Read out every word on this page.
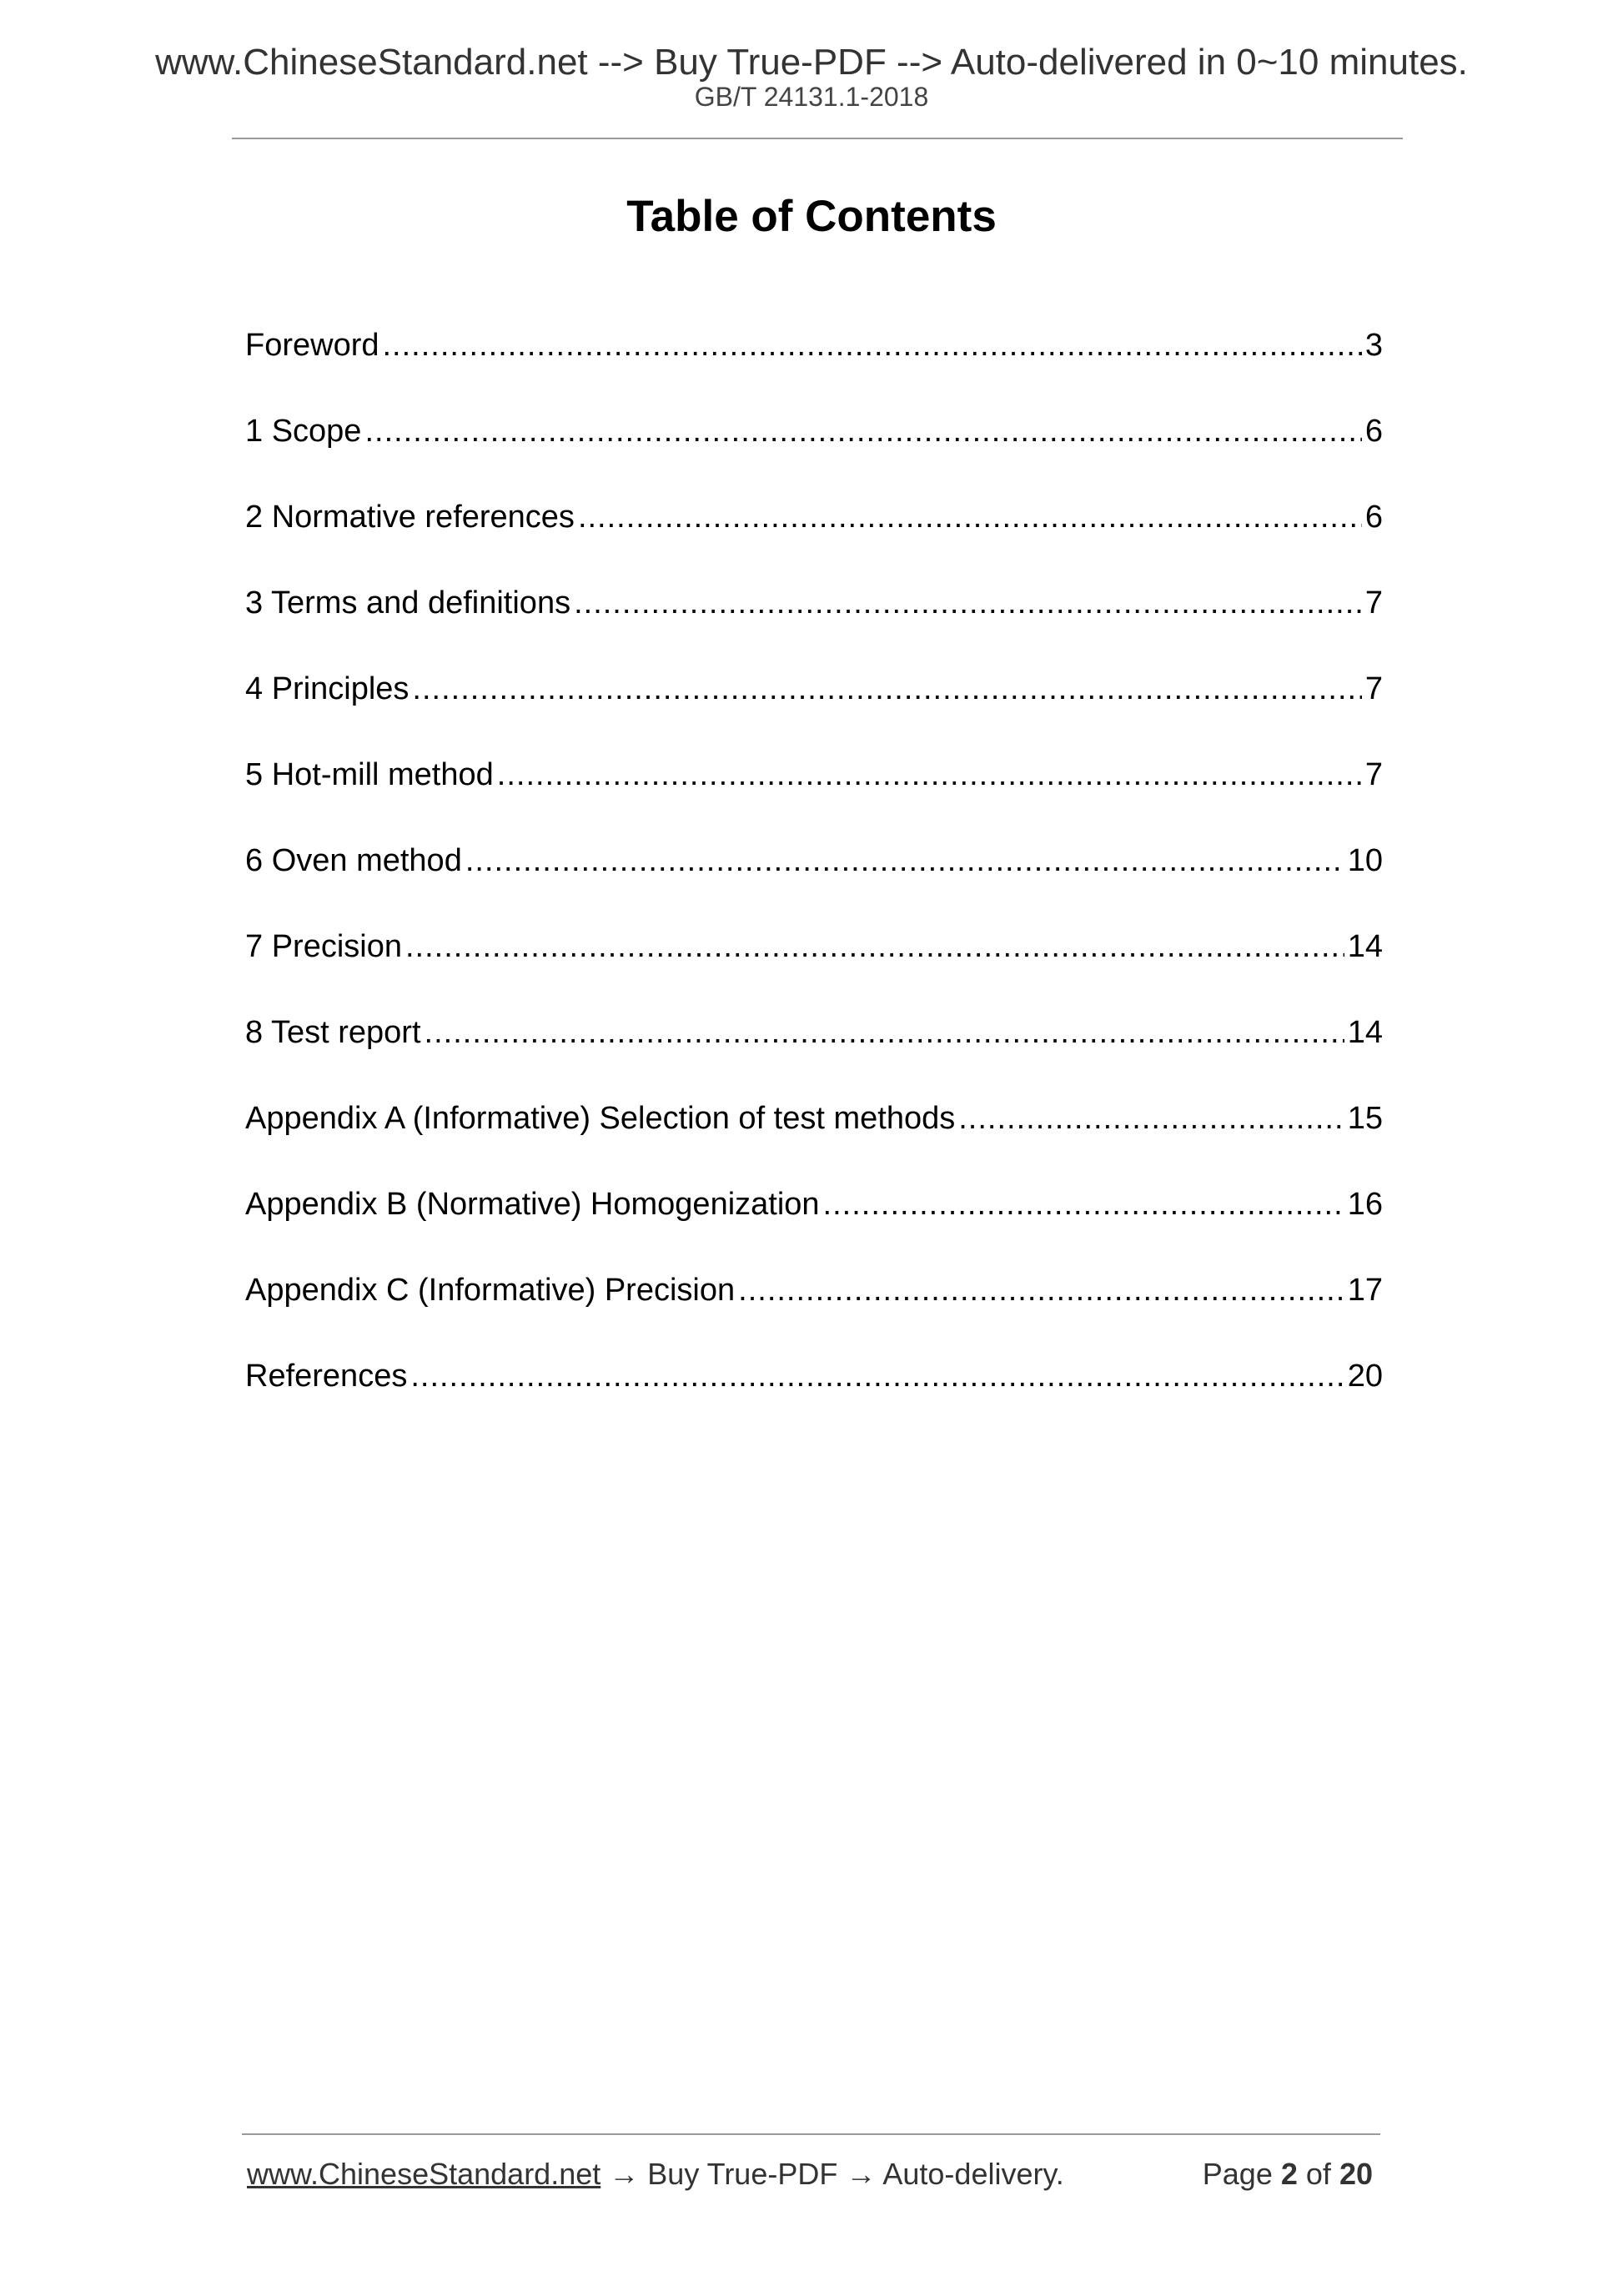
www.ChineseStandard.net --> Buy True-PDF --> Auto-delivered in 0~10 minutes.
GB/T 24131.1-2018
Table of Contents
Foreword .....	3
1 Scope .....	6
2 Normative references .....	6
3 Terms and definitions .....	7
4 Principles .....	7
5 Hot-mill method .....	7
6 Oven method .....	10
7 Precision .....	14
8 Test report .....	14
Appendix A (Informative) Selection of test methods .....	15
Appendix B (Normative) Homogenization .....	16
Appendix C (Informative) Precision .....	17
References .....	20
www.ChineseStandard.net → Buy True-PDF → Auto-delivery.	Page 2 of 20
